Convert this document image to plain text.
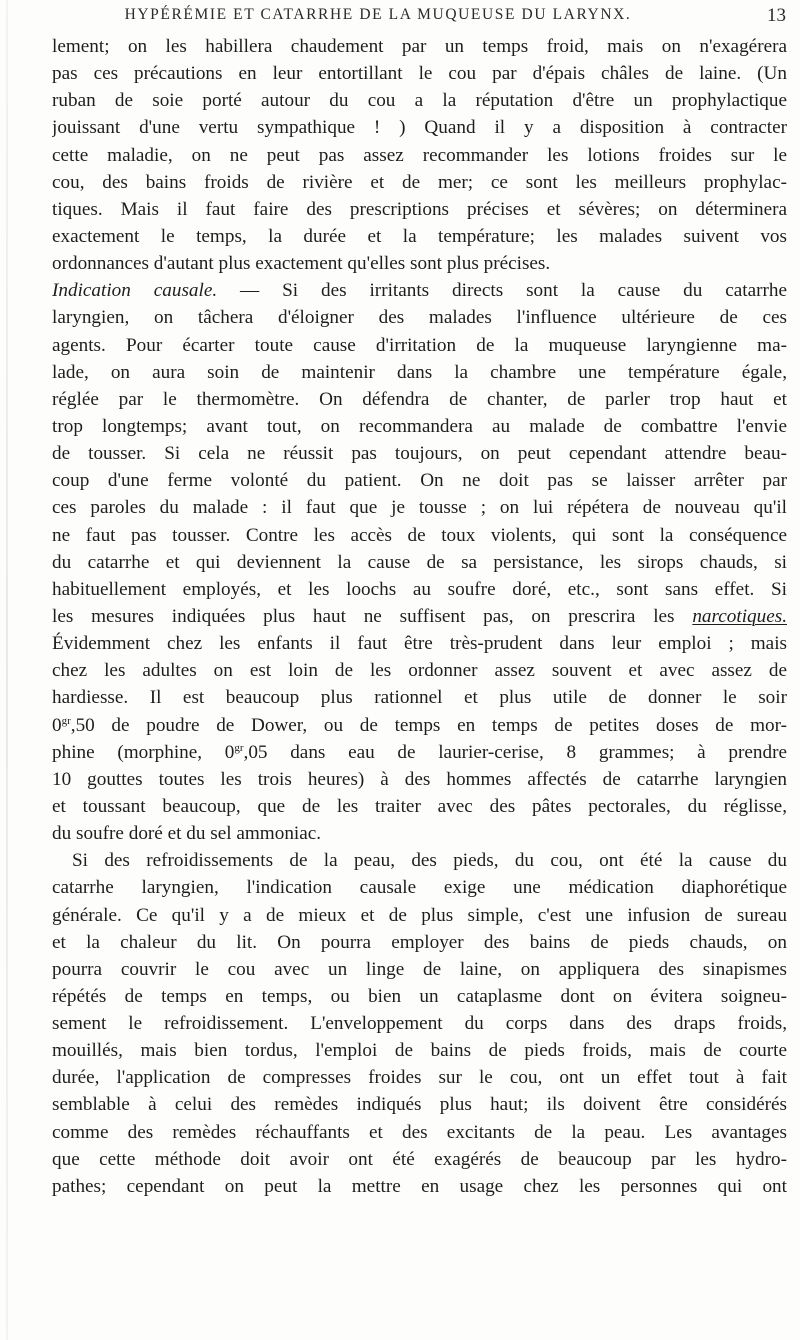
HYPÉRÉMIE ET CATARRHE DE LA MUQUEUSE DU LARYNX.	13
lement; on les habillera chaudement par un temps froid, mais on n'exagérera
pas ces précautions en leur entortillant le cou par d'épais châles de laine. (Un
ruban de soie porté autour du cou a la réputation d'être un prophylactique
jouissant d'une vertu sympathique ! ) Quand il y a disposition à contracter
cette maladie, on ne peut pas assez recommander les lotions froides sur le
cou, des bains froids de rivière et de mer; ce sont les meilleurs prophylac-
tiques. Mais il faut faire des prescriptions précises et sévères; on déterminera
exactement le temps, la durée et la température; les malades suivent vos
ordonnances d'autant plus exactement qu'elles sont plus précises.
Indication causale. — Si des irritants directs sont la cause du catarrhe
laryngien, on tâchera d'éloigner des malades l'influence ultérieure de ces
agents. Pour écarter toute cause d'irritation de la muqueuse laryngienne ma-
lade, on aura soin de maintenir dans la chambre une température égale,
réglée par le thermomètre. On défendra de chanter, de parler trop haut et
trop longtemps; avant tout, on recommandera au malade de combattre l'envie
de tousser. Si cela ne réussit pas toujours, on peut cependant attendre beau-
coup d'une ferme volonté du patient. On ne doit pas se laisser arrêter par
ces paroles du malade : il faut que je tousse ; on lui répétera de nouveau qu'il
ne faut pas tousser. Contre les accès de toux violents, qui sont la conséquence
du catarrhe et qui deviennent la cause de sa persistance, les sirops chauds, si
habituellement employés, et les loochs au soufre doré, etc., sont sans effet. Si
les mesures indiquées plus haut ne suffisent pas, on prescrira les narcotiques.
Évidemment chez les enfants il faut être très-prudent dans leur emploi ; mais
chez les adultes on est loin de les ordonner assez souvent et avec assez de
hardiesse. Il est beaucoup plus rationnel et plus utile de donner le soir
$0^{gr},50$ de poudre de Dower, ou de temps en temps de petites doses de mor-
phine (morphine, $0^{gr},05$ dans eau de laurier-cerise, 8 grammes; à prendre
10 gouttes toutes les trois heures) à des hommes affectés de catarrhe laryngien
et toussant beaucoup, que de les traiter avec des pâtes pectorales, du réglisse,
du soufre doré et du sel ammoniac.
Si des refroidissements de la peau, des pieds, du cou, ont été la cause du
catarrhe laryngien, l'indication causale exige une médication diaphorétique
générale. Ce qu'il y a de mieux et de plus simple, c'est une infusion de sureau
et la chaleur du lit. On pourra employer des bains de pieds chauds, on
pourra couvrir le cou avec un linge de laine, on appliquera des sinapismes
répétés de temps en temps, ou bien un cataplasme dont on évitera soigneu-
sement le refroidissement. L'enveloppement du corps dans des draps froids,
mouillés, mais bien tordus, l'emploi de bains de pieds froids, mais de courte
durée, l'application de compresses froides sur le cou, ont un effet tout à fait
semblable à celui des remèdes indiqués plus haut; ils doivent être considérés
comme des remèdes réchauffants et des excitants de la peau. Les avantages
que cette méthode doit avoir ont été exagérés de beaucoup par les hydro-
pathes; cependant on peut la mettre en usage chez les personnes qui ont
